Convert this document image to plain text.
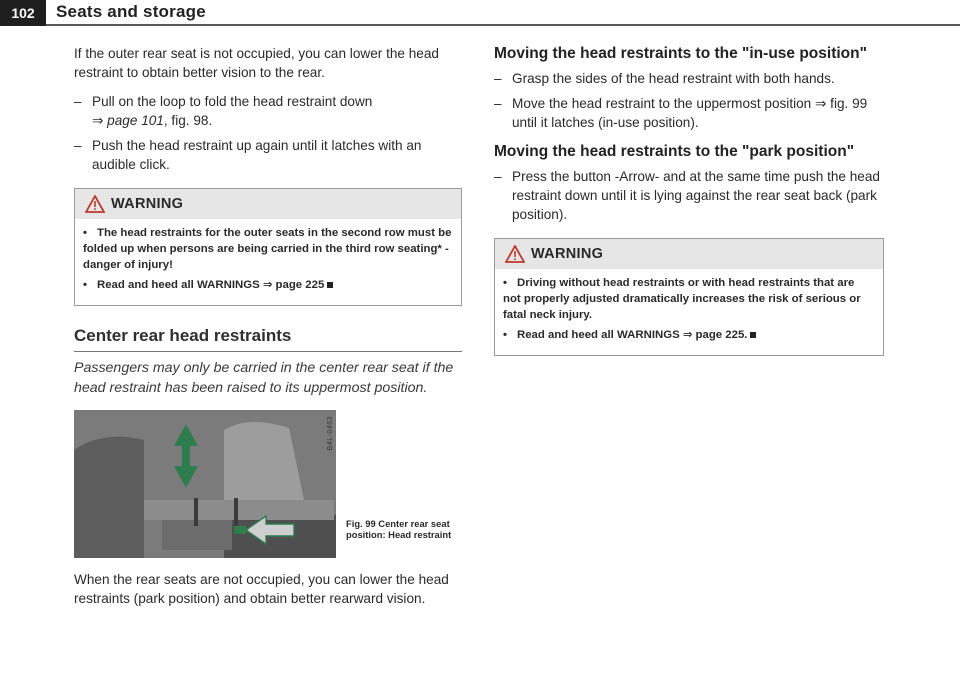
102	Seats and storage

If the outer rear seat is not occupied, you can lower the head restraint to obtain better vision to the rear.

– Pull on the loop to fold the head restraint down
⇒ page 101, fig. 98.
– Push the head restraint up again until it latches with an audible click.
WARNING

• The head restraints for the outer seats in the second row must be folded up when persons are being carried in the third row seating* - danger of injury!

• Read and heed all WARNINGS ⇒ page 225

Center rear head restraints

Passengers may only be carried in the center rear seat if the head restraint has been raised to its uppermost position.

B4L-0463
Fig. 99 Center rear seat position: Head restraint

When the rear seats are not occupied, you can lower the head restraints (park position) and obtain better rearward vision.

Moving the head restraints to the "in-use position"
– Grasp the sides of the head restraint with both hands.
– Move the head restraint to the uppermost position ⇒ fig. 99 until it latches (in-use position).
Moving the head restraints to the "park position"
– Press the button -Arrow- and at the same time push the head restraint down until it is lying against the rear seat back (park position).
WARNING

• Driving without head restraints or with head restraints that are not properly adjusted dramatically increases the risk of serious or fatal neck injury.

• Read and heed all WARNINGS ⇒ page 225.
